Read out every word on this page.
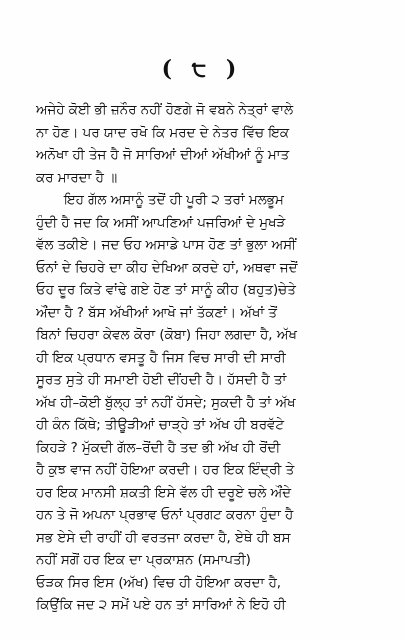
( ੮ )
ਅਜੇਹੇ ਕੋਈ ਭੀ ਜ਼ਨੌਰ ਨਹੀਂ ਹੋਣਗੇ ਜੋ ਵਬਨੇ ਨੇਤ੍ਰਾਂ ਵਾਲੇ
ਨਾ ਹੋਣ। ਪਰ ਯਾਦ ਰਖੋ ਕਿ ਮਰਦ ਦੇ ਨੇਤਰ ਵਿੱਚ ਇਕ
ਅਨੋਖਾ ਹੀ ਤੇਜ ਹੈ ਜੋ ਸਾਰਿਆਂ ਦੀਆਂ ਅੱਖੀਆਂ ਨੂੰ ਮਾਤ
ਕਰ ਮਾਰਦਾ ਹੈ ॥
ਇਹ ਗੱਲ ਅਸਾਨੂੰ ਤਦੋਂ ਹੀ ਪੂਰੀ ੨ ਤਰਾਂ ਮਲਭੂਮ
ਹੁੰਦੀ ਹੈ ਜਦ ਕਿ ਅਸੀਂ ਆਪਣਿਆਂ ਪਜਰਿਆਂ ਦੇ ਮੁਖੜੇ
ਵੱਲ ਤਕੀਏ। ਜਦ ਓਹ ਅਸਾਡੇ ਪਾਸ ਹੋਣ ਤਾਂ ਭੁਲਾ ਅਸੀਂ
ਓਨਾਂ ਦੇ ਚਿਹਰੇ ਦਾ ਕੀਹ ਦੇਖਿਆ ਕਰਦੇ ਹਾਂ, ਅਥਵਾ ਜਦੋਂ
ਓਹ ਦੂਰ ਕਿਤੇ ਵਾਂਢੇ ਗਏ ਹੋਣ ਤਾਂ ਸਾਨੂੰ ਕੀਹ (ਬਹੁਤ)ਚੇਤੇ
ਔਂਦਾ ਹੈ ? ਬੱਸ ਅੱਖੀਆਂ ਆਖੋ ਜਾਂ ਤੱਕਣਾਂ। ਅੱਖਾਂ ਤੋਂ
ਬਿਨਾਂ ਚਿਹਰਾ ਕੇਵਲ ਕੋਰਾ (ਕੋਬਾ) ਜਿਹਾ ਲਗਦਾ ਹੈ, ਅੱਖ
ਹੀ ਇਕ ਪ੍ਰਧਾਨ ਵਸਤੂ ਹੈ ਜਿਸ ਵਿਚ ਸਾਰੀ ਦੀ ਸਾਰੀ
ਸੂਰਤ ਸੁਤੇ ਹੀ ਸਮਾਈ ਹੋਈ ਦੀਂਹਦੀ ਹੈ। ਹੱਸਦੀ ਹੈ ਤਾਂ
ਅੱਖ ਹੀ–ਕੋਈ ਬੁੱਲ੍ਹ ਤਾਂ ਨਹੀਂ ਹੱਸਦੇ; ਸੁਕਦੀ ਹੈ ਤਾਂ ਅੱਖ
ਹੀ ਕੰਨ ਕਿੱਥੇ; ਤੀਊੜੀਆਂ ਚਾੜ੍ਹੇ ਤਾਂ ਅੱਖ ਹੀ ਬਰਵੱਟੇ
ਕਿਹੜੇ ? ਮੁੱਕਦੀ ਗੱਲ–ਰੋਂਦੀ ਹੈ ਤਦ ਭੀ ਅੱਖ ਹੀ ਰੋਂਦੀ
ਹੈ ਕੁਝ ਵਾਜ ਨਹੀਂ ਹੋਇਆ ਕਰਦੀ। ਹਰ ਇਕ ਇੰਦ੍ਰੀ ਤੇ
ਹਰ ਇਕ ਮਾਨਸੀ ਸ਼ਕਤੀ ਇਸੇ ਵੱਲ ਹੀ ਦਰੂਏ ਚਲੇ ਔਂਦੇ
ਹਨ ਤੇ ਜੋ ਅਪਨਾ ਪ੍ਰਭਾਵ ਓਨਾਂ ਪ੍ਰਗਟ ਕਰਨਾ ਹੁੰਦਾ ਹੈ
ਸਭ ਏਸੇ ਦੀ ਰਾਹੀਂ ਹੀ ਵਰਤਜਾ ਕਰਦਾ ਹੈ, ਏਥੇ ਹੀ ਬਸ
ਨਹੀਂ ਸਗੋਂ ਹਰ ਇਕ ਦਾ ਪ੍ਰਕਾਸ਼ਨ (ਸਮਾਪਤੀ)
ਓੜਕ ਸਿਰ ਇਸ (ਅੱਖ) ਵਿਚ ਹੀ ਹੋਇਆ ਕਰਦਾ ਹੈ,
ਕਿਉਂਕਿ ਜਦ ੨ ਸਮੇਂ ਪਏ ਹਨ ਤਾਂ ਸਾਰਿਆਂ ਨੇ ਇਹੋ ਹੀ
